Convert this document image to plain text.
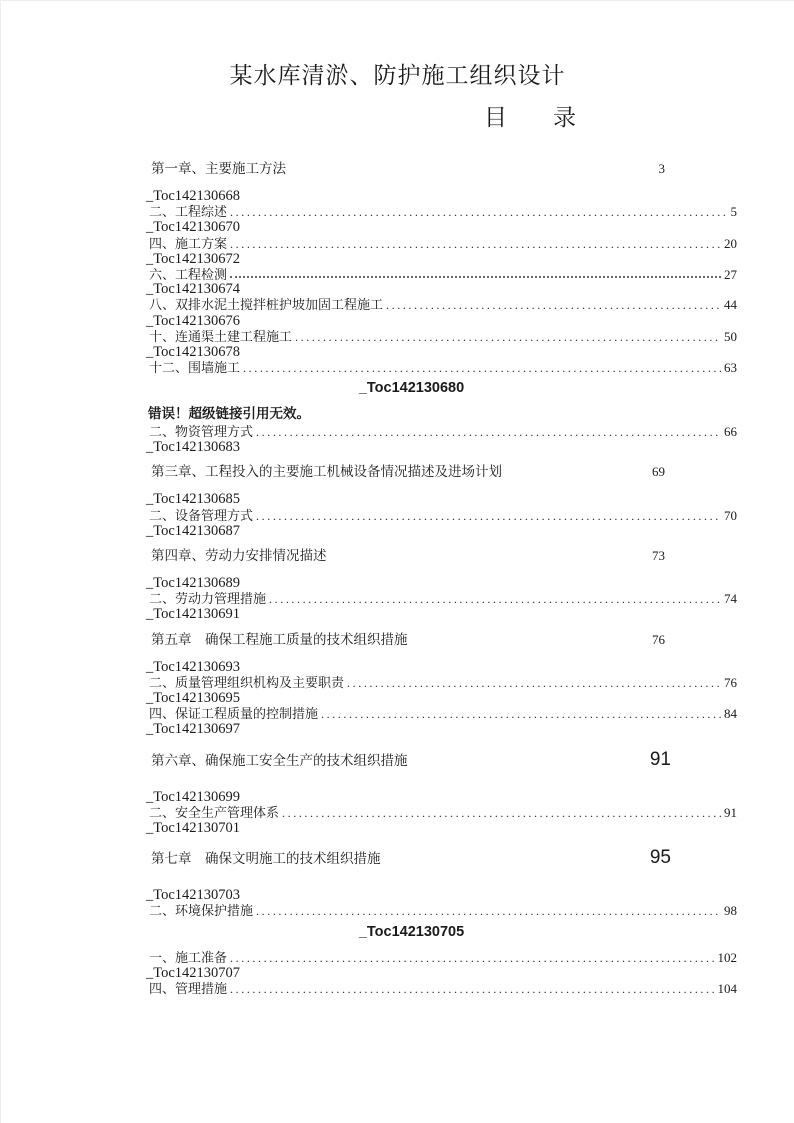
某水库清淤、防护施工组织设计
目　　录
第一章、主要施工方法	3
_Toc142130668
二、工程综述 .....	5
_Toc142130670
四、施工方案 .....	20
_Toc142130672
六、工程检测	27
_Toc142130674
八、双排水泥土搅拌桩护坡加固工程施工 .....	44
_Toc142130676
十、连通渠土建工程施工 .....	50
_Toc142130678
十二、围墙施工 .....	63
_Toc142130680
错误！超级链接引用无效。
二、物资管理方式 .....	66
_Toc142130683
第三章、工程投入的主要施工机械设备情况描述及进场计划	69
_Toc142130685
二、设备管理方式 .....	70
_Toc142130687
第四章、劳动力安排情况描述	73
_Toc142130689
二、劳动力管理措施 .....	74
_Toc142130691
第五章　确保工程施工质量的技术组织措施	76
_Toc142130693
二、质量管理组织机构及主要职责 .....	76
_Toc142130695
四、保证工程质量的控制措施 .....	84
_Toc142130697
第六章、确保施工安全生产的技术组织措施	91
_Toc142130699
二、安全生产管理体系 .....	91
_Toc142130701
第七章　确保文明施工的技术组织措施	95
_Toc142130703
二、环境保护措施 .....	98
_Toc142130705
一、施工准备 .....	102
_Toc142130707
四、管理措施 .....	104
